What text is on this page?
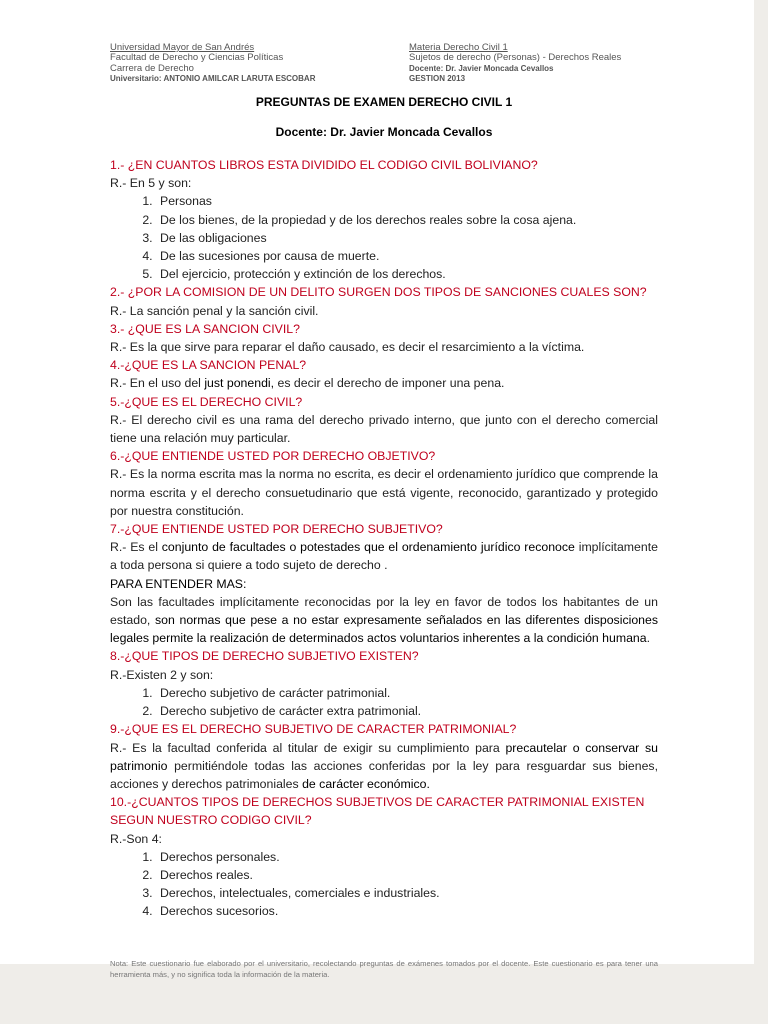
Universidad Mayor de San Andrés
Facultad de Derecho y Ciencias Políticas
Carrera de Derecho
Universitario: ANTONIO AMILCAR LARUTA ESCOBAR
Materia Derecho Civil 1
Sujetos de derecho (Personas) - Derechos Reales
Docente: Dr. Javier Moncada Cevallos
GESTION 2013
PREGUNTAS DE EXAMEN DERECHO CIVIL 1
Docente: Dr. Javier Moncada Cevallos

1.- ¿EN CUANTOS LIBROS ESTA DIVIDIDO EL CODIGO CIVIL BOLIVIANO?

R.- En 5 y son:

1. Personas
2. De los bienes, de la propiedad y de los derechos reales sobre la cosa ajena.
3. De las obligaciones
4. De las sucesiones por causa de muerte.
5. Del ejercicio, protección y extinción de los derechos.

2.- ¿POR LA COMISION DE UN DELITO SURGEN DOS TIPOS DE SANCIONES CUALES SON?

R.- La sanción penal y la sanción civil.

3.- ¿QUE ES LA SANCION CIVIL?

R.- Es la que sirve para reparar el daño causado, es decir el resarcimiento a la víctima.

4.-¿QUE ES LA SANCION PENAL?

R.- En el uso del just ponendi, es decir el derecho de imponer una pena.

5.-¿QUE ES EL DERECHO CIVIL?

R.- El derecho civil es una rama del derecho privado interno, que junto con el derecho comercial tiene una relación muy particular.

6.-¿QUE ENTIENDE USTED POR DERECHO OBJETIVO?

R.- Es la norma escrita mas la norma no escrita, es decir el ordenamiento jurídico que comprende la norma escrita y el derecho consuetudinario que está vigente, reconocido, garantizado y protegido por nuestra constitución.

7.-¿QUE ENTIENDE USTED POR DERECHO SUBJETIVO?

R.- Es el conjunto de facultades o potestades que el ordenamiento jurídico reconoce implícitamente a toda persona si quiere a todo sujeto de derecho .

PARA ENTENDER MAS:

Son las facultades implícitamente reconocidas por la ley en favor de todos los habitantes de un estado, son normas que pese a no estar expresamente señalados en las diferentes disposiciones legales permite la realización de determinados actos voluntarios inherentes a la condición humana.

8.-¿QUE TIPOS DE DERECHO SUBJETIVO EXISTEN?

R.-Existen 2 y son:

1. Derecho subjetivo de carácter patrimonial.
2. Derecho subjetivo de carácter extra patrimonial.

9.-¿QUE ES EL DERECHO SUBJETIVO DE CARACTER PATRIMONIAL?

R.- Es la facultad conferida al titular de exigir su cumplimiento para precautelar o conservar su patrimonio permitiéndole todas las acciones conferidas por la ley para resguardar sus bienes, acciones y derechos patrimoniales de carácter económico.

10.-¿CUANTOS TIPOS DE DERECHOS SUBJETIVOS DE CARACTER PATRIMONIAL EXISTEN SEGUN NUESTRO CODIGO CIVIL?

R.-Son 4:

1. Derechos personales.
2. Derechos reales.
3. Derechos, intelectuales, comerciales e industriales.
4. Derechos sucesorios.
Nota: Este cuestionario fue elaborado por el universitario, recolectando preguntas de exámenes tomados por el docente. Este cuestionario es para tener una herramienta más, y no significa toda la información de la materia.
